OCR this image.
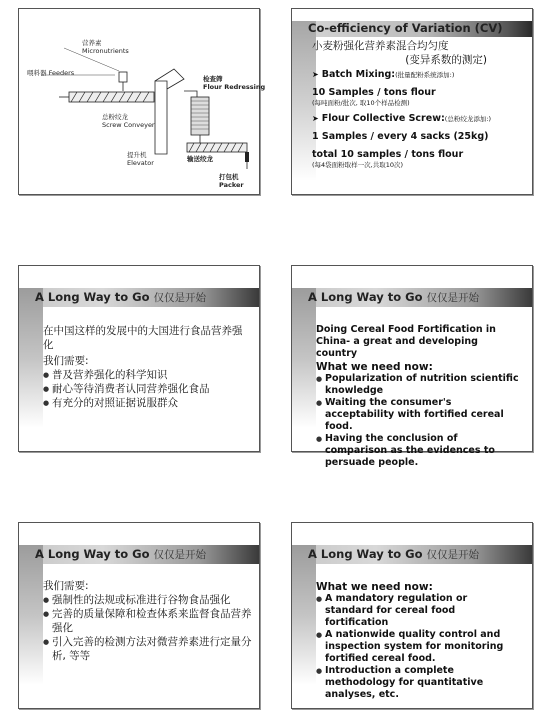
营养素
Micronutrients
喂料器 Feeders
总粉绞龙
Screw Conveyer
提升机
Elevator
检查筛
Flour Redressing
输送绞龙
打包机
Packer
Co-efficiency of Variation (CV)
小麦粉强化营养素混合均匀度
(变异系数的测定)
➤ Batch Mixing:(批量配粉系统添加:)
10 Samples / tons flour
(每吨面粉/批次, 取10个样品检测)
➤ Flour Collective Screw:(总粉绞龙添加:)
1 Samples / every 4 sacks (25kg)
total 10 samples / tons flour
(每4袋面粉取样一次,共取10次)
A Long Way to Go 仅仅是开始
在中国这样的发展中的大国进行食品营养强化
我们需要:
● 普及营养强化的科学知识
● 耐心等待消费者认同营养强化食品
● 有充分的对照证据说服群众
A Long Way to Go 仅仅是开始
Doing Cereal Food Fortification in China- a great and developing country
What we need now:
● Popularization of nutrition scientific knowledge
● Waiting the consumer's acceptability with fortified cereal food.
● Having the conclusion of comparison as the evidences to persuade people.
A Long Way to Go 仅仅是开始
我们需要:
● 强制性的法规或标准进行谷物食品强化
● 完善的质量保障和检查体系来监督食品营养强化
● 引入完善的检测方法对微营养素进行定量分析, 等等
A Long Way to Go 仅仅是开始
What we need now:
● A mandatory regulation or standard for cereal food fortification
● A nationwide quality control and inspection system for monitoring fortified cereal food.
● Introduction a complete methodology for quantitative analyses, etc.
